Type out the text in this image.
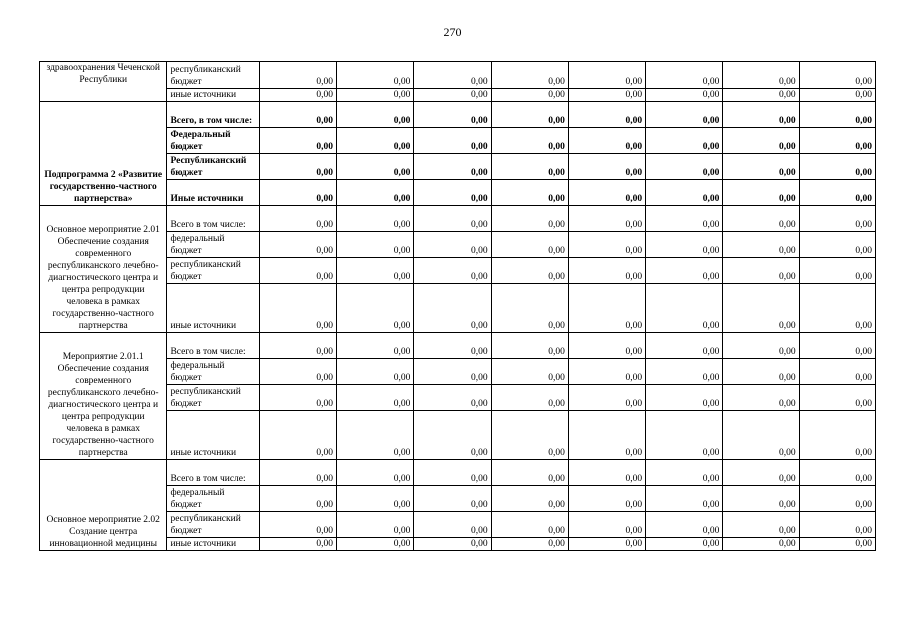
270
здравоохранения Чеченской Республики	республиканский бюджет	0,00	0,00	0,00	0,00	0,00	0,00	0,00	0,00
	иные источники	0,00	0,00	0,00	0,00	0,00	0,00	0,00	0,00
Подпрограмма 2 «Развитие государственно-частного партнерства»	Всего, в том числе:	0,00	0,00	0,00	0,00	0,00	0,00	0,00	0,00
	Федеральный бюджет	0,00	0,00	0,00	0,00	0,00	0,00	0,00	0,00
	Республиканский бюджет	0,00	0,00	0,00	0,00	0,00	0,00	0,00	0,00
	Иные источники	0,00	0,00	0,00	0,00	0,00	0,00	0,00	0,00
Основное мероприятие 2.01 Обеспечение создания современного республиканского лечебно-диагностического центра и центра репродукции человека в рамках государственно-частного партнерства	Всего в том числе:	0,00	0,00	0,00	0,00	0,00	0,00	0,00	0,00
	федеральный бюджет	0,00	0,00	0,00	0,00	0,00	0,00	0,00	0,00
	республиканский бюджет	0,00	0,00	0,00	0,00	0,00	0,00	0,00	0,00
	иные источники	0,00	0,00	0,00	0,00	0,00	0,00	0,00	0,00
Мероприятие 2.01.1 Обеспечение создания современного республиканского лечебно-диагностического центра и центра репродукции человека в рамках государственно-частного партнерства	Всего в том числе:	0,00	0,00	0,00	0,00	0,00	0,00	0,00	0,00
	федеральный бюджет	0,00	0,00	0,00	0,00	0,00	0,00	0,00	0,00
	республиканский бюджет	0,00	0,00	0,00	0,00	0,00	0,00	0,00	0,00
	иные источники	0,00	0,00	0,00	0,00	0,00	0,00	0,00	0,00
Основное мероприятие 2.02 Создание центра инновационной медицины	Всего в том числе:	0,00	0,00	0,00	0,00	0,00	0,00	0,00	0,00
	федеральный бюджет	0,00	0,00	0,00	0,00	0,00	0,00	0,00	0,00
	республиканский бюджет	0,00	0,00	0,00	0,00	0,00	0,00	0,00	0,00
	иные источники	0,00	0,00	0,00	0,00	0,00	0,00	0,00	0,00
